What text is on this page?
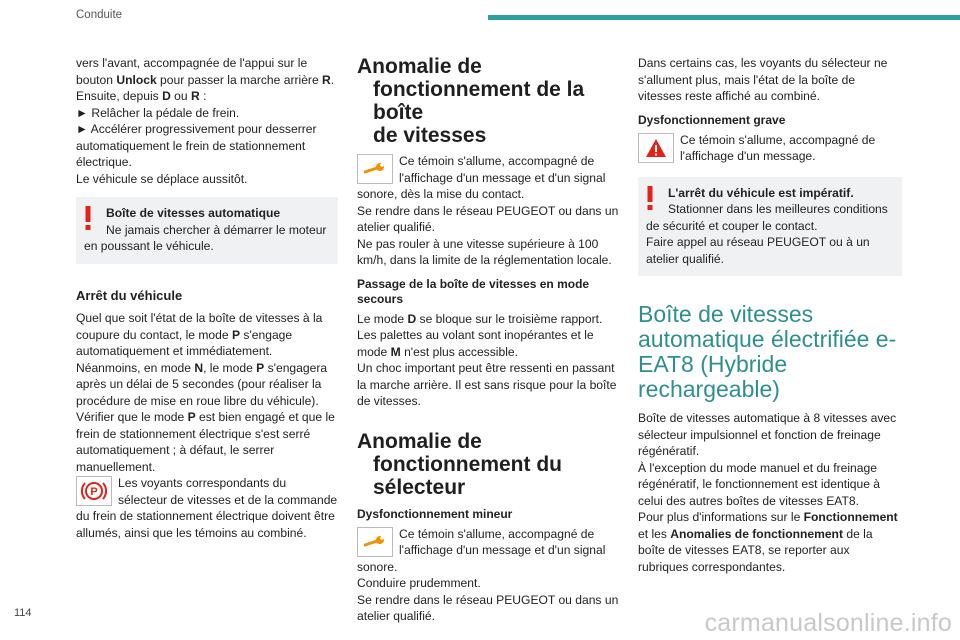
Conduite
114	carmanualsonline.info

vers l'avant, accompagnée de l'appui sur le bouton Unlock pour passer la marche arrière R.

Ensuite, depuis D ou R :

► Relâcher la pédale de frein.

► Accélérer progressivement pour desserrer automatiquement le frein de stationnement électrique.

Le véhicule se déplace aussitôt.

Boîte de vitesses automatique

Ne jamais chercher à démarrer le moteur en poussant le véhicule.

Arrêt du véhicule

Quel que soit l'état de la boîte de vitesses à la coupure du contact, le mode P s'engage automatiquement et immédiatement.

Néanmoins, en mode N, le mode P s'engagera après un délai de 5 secondes (pour réaliser la procédure de mise en roue libre du véhicule).

Vérifier que le mode P est bien engagé et que le frein de stationnement électrique s'est serré automatiquement ; à défaut, le serrer manuellement.

P

Les voyants correspondants du sélecteur de vitesses et de la commande du frein de stationnement électrique doivent être allumés, ainsi que les témoins au combiné.

Anomalie de
fonctionnement de la boîte
de vitesses

Ce témoin s'allume, accompagné de l'affichage d'un message et d'un signal sonore, dès la mise du contact.

Se rendre dans le réseau PEUGEOT ou dans un atelier qualifié.

Ne pas rouler à une vitesse supérieure à 100 km/h, dans la limite de la réglementation locale.

Passage de la boîte de vitesses en mode secours

Le mode D se bloque sur le troisième rapport.

Les palettes au volant sont inopérantes et le mode M n'est plus accessible.

Un choc important peut être ressenti en passant la marche arrière. Il est sans risque pour la boîte de vitesses.

Anomalie de
fonctionnement du
sélecteur
Dysfonctionnement mineur

Ce témoin s'allume, accompagné de l'affichage d'un message et d'un signal sonore.

Conduire prudemment.

Se rendre dans le réseau PEUGEOT ou dans un atelier qualifié.

Dans certains cas, les voyants du sélecteur ne s'allument plus, mais l'état de la boîte de vitesses reste affiché au combiné.

Dysfonctionnement grave

Ce témoin s'allume, accompagné de l'affichage d'un message.

L'arrêt du véhicule est impératif.

Stationner dans les meilleures conditions de sécurité et couper le contact.

Faire appel au réseau PEUGEOT ou à un atelier qualifié.

Boîte de vitesses automatique électrifiée e-EAT8 (Hybride rechargeable)

Boîte de vitesses automatique à 8 vitesses avec sélecteur impulsionnel et fonction de freinage régénératif.

À l'exception du mode manuel et du freinage régénératif, le fonctionnement est identique à celui des autres boîtes de vitesses EAT8.

Pour plus d'informations sur le Fonctionnement et les Anomalies de fonctionnement de la boîte de vitesses EAT8, se reporter aux rubriques correspondantes.
